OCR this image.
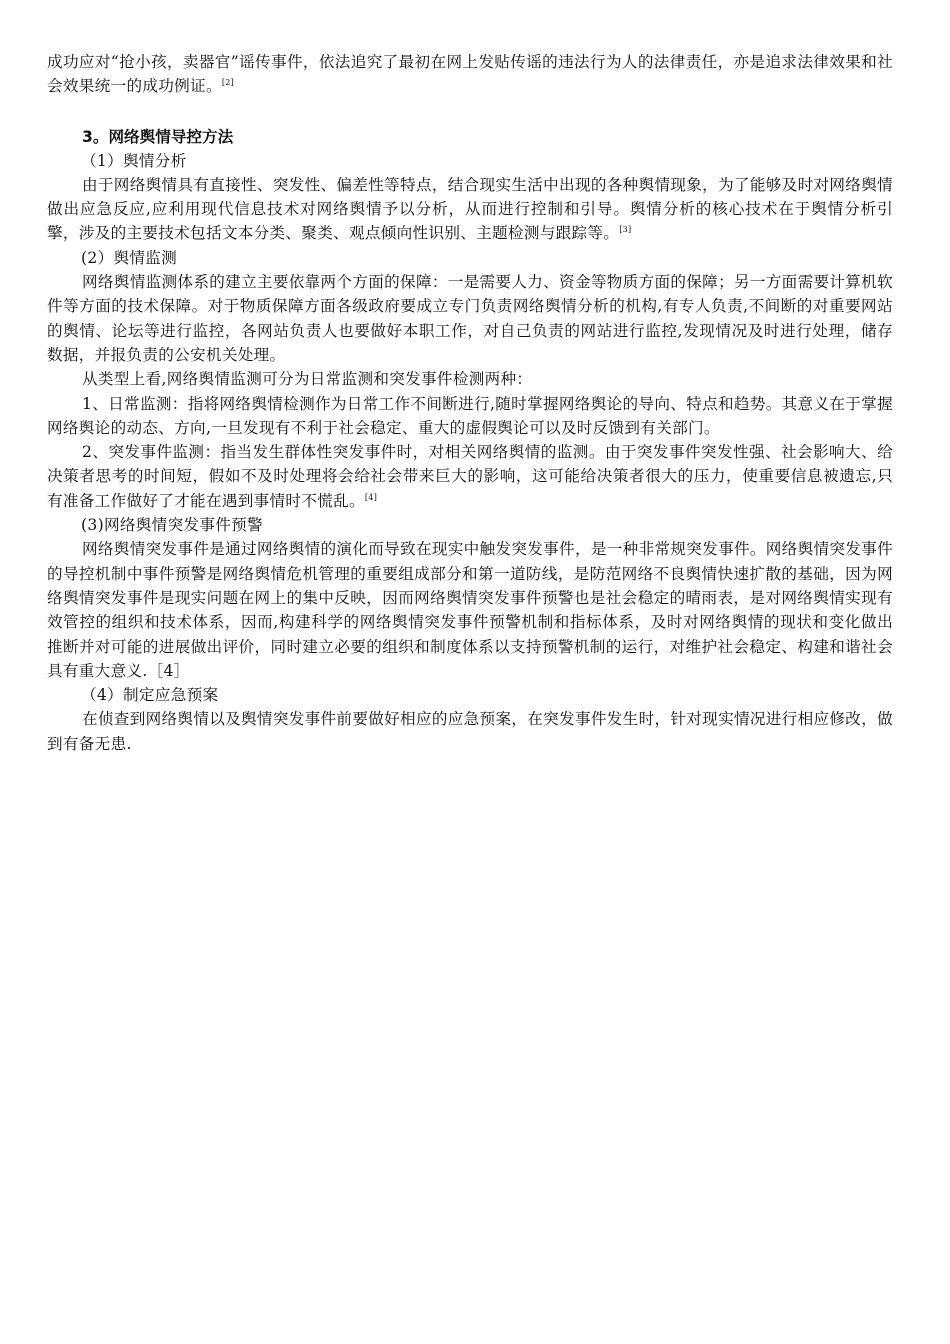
成功应对“抢小孩，卖器官”谣传事件，依法追究了最初在网上发贴传谣的违法行为人的法律责任，亦是追求法律效果和社会效果统一的成功例证。[2]

3。网络舆情导控方法

（1）舆情分析

由于网络舆情具有直接性、突发性、偏差性等特点，结合现实生活中出现的各种舆情现象，为了能够及时对网络舆情做出应急反应,应利用现代信息技术对网络舆情予以分析，从而进行控制和引导。舆情分析的核心技术在于舆情分析引擎，涉及的主要技术包括文本分类、聚类、观点倾向性识别、主题检测与跟踪等。[3]

(2）舆情监测

网络舆情监测体系的建立主要依靠两个方面的保障：一是需要人力、资金等物质方面的保障；另一方面需要计算机软件等方面的技术保障。对于物质保障方面各级政府要成立专门负责网络舆情分析的机构,有专人负责,不间断的对重要网站的舆情、论坛等进行监控，各网站负责人也要做好本职工作，对自己负责的网站进行监控,发现情况及时进行处理，储存数据，并报负责的公安机关处理。

从类型上看,网络舆情监测可分为日常监测和突发事件检测两种：

1、日常监测：指将网络舆情检测作为日常工作不间断进行,随时掌握网络舆论的导向、特点和趋势。其意义在于掌握网络舆论的动态、方向,一旦发现有不利于社会稳定、重大的虚假舆论可以及时反馈到有关部门。

2、突发事件监测：指当发生群体性突发事件时，对相关网络舆情的监测。由于突发事件突发性强、社会影响大、给决策者思考的时间短，假如不及时处理将会给社会带来巨大的影响，这可能给决策者很大的压力，使重要信息被遗忘,只有准备工作做好了才能在遇到事情时不慌乱。[4]

(3)网络舆情突发事件预警

网络舆情突发事件是通过网络舆情的演化而导致在现实中触发突发事件，是一种非常规突发事件。网络舆情突发事件的导控机制中事件预警是网络舆情危机管理的重要组成部分和第一道防线，是防范网络不良舆情快速扩散的基础，因为网络舆情突发事件是现实问题在网上的集中反映，因而网络舆情突发事件预警也是社会稳定的晴雨表，是对网络舆情实现有效管控的组织和技术体系，因而,构建科学的网络舆情突发事件预警机制和指标体系，及时对网络舆情的现状和变化做出推断并对可能的进展做出评价，同时建立必要的组织和制度体系以支持预警机制的运行，对维护社会稳定、构建和谐社会具有重大意义.［4］

（4）制定应急预案

在侦查到网络舆情以及舆情突发事件前要做好相应的应急预案，在突发事件发生时，针对现实情况进行相应修改，做到有备无患.
